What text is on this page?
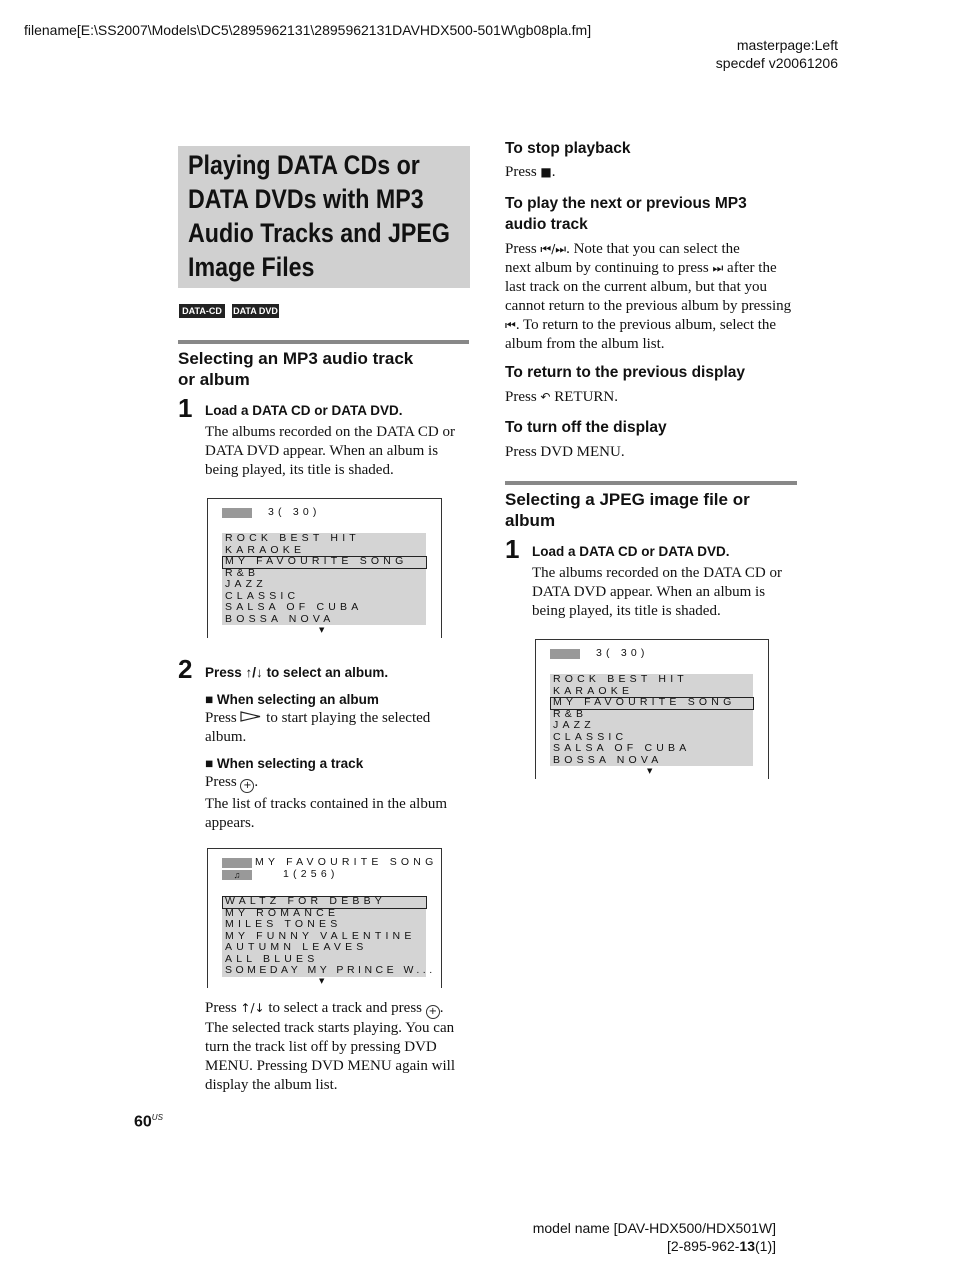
filename[E:\SS2007\Models\DC5\2895962131\2895962131DAVHDX500-501W\gb08pla.fm]
masterpage:Left
specdef v20061206
Playing DATA CDs or
DATA DVDs with MP3
Audio Tracks and JPEG
Image Files
DATA-CD	DATA DVD
Selecting an MP3 audio track
or album
1 Load a DATA CD or DATA DVD.
The albums recorded on the DATA CD or
DATA DVD appear. When an album is
being played, its title is shaded.
3( 30)
ROCK BEST HIT
KARAOKE
MY FAVOURITE SONG
R&B
JAZZ
CLASSIC
SALSA OF CUBA
BOSSA NOVA
▼
2 Press ↑/↓ to select an album.
■ When selecting an album
Press  to start playing the selected
album.
■ When selecting a track
Press + .
The list of tracks contained in the album
appears.
MY FAVOURITE SONG
♫	1(256)
WALTZ FOR DEBBY
MY ROMANCE
MILES TONES
MY FUNNY VALENTINE
AUTUMN LEAVES
ALL BLUES
SOMEDAY MY PRINCE W...
▼
Press ↑/↓ to select a track and press + .
The selected track starts playing. You can
turn the track list off by pressing DVD
MENU. Pressing DVD MENU again will
display the album list.
To stop playback
Press ■.
To play the next or previous MP3
audio track
Press ⏮/⏭. Note that you can select the
next album by continuing to press ⏭ after the
last track on the current album, but that you
cannot return to the previous album by pressing
⏮. To return to the previous album, select the
album from the album list.
To return to the previous display
Press ↶ RETURN.
To turn off the display
Press DVD MENU.
Selecting a JPEG image file or
album
1 Load a DATA CD or DATA DVD.
The albums recorded on the DATA CD or
DATA DVD appear. When an album is
being played, its title is shaded.
3( 30)
ROCK BEST HIT
KARAOKE
MY FAVOURITE SONG
R&B
JAZZ
CLASSIC
SALSA OF CUBA
BOSSA NOVA
▼
$60^{US}$
model name [DAV-HDX500/HDX501W]
[2-895-962-13(1)]
